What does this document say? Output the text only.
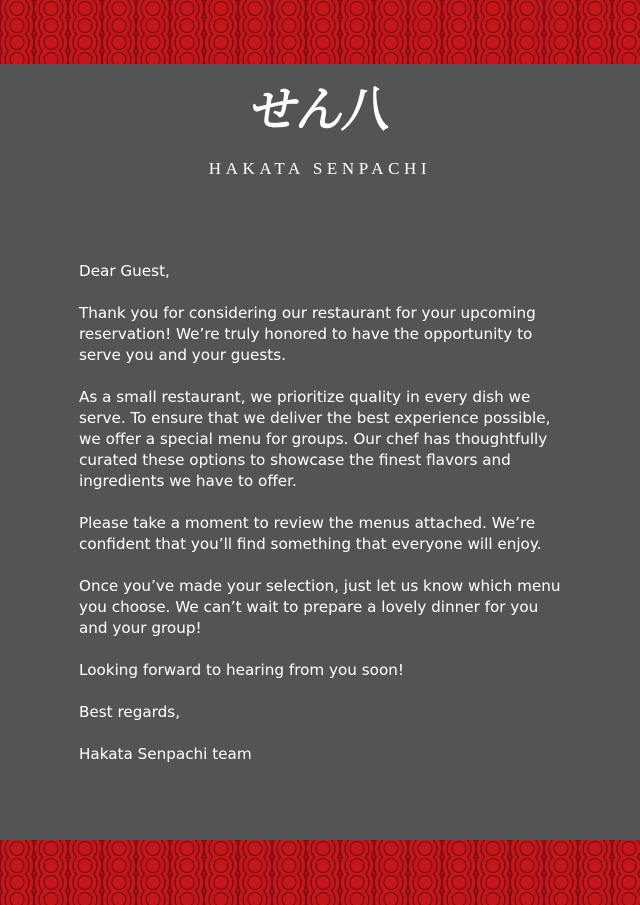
せん八
HAKATA SENPACHI

Dear Guest,

Thank you for considering our restaurant for your upcoming reservation! We’re truly honored to have the opportunity to serve you and your guests.

As a small restaurant, we prioritize quality in every dish we serve. To ensure that we deliver the best experience possible, we offer a special menu for groups. Our chef has thoughtfully curated these options to showcase the finest flavors and ingredients we have to offer.

Please take a moment to review the menus attached. We’re confident that you’ll find something that everyone will enjoy.

Once you’ve made your selection, just let us know which menu you choose. We can’t wait to prepare a lovely dinner for you and your group!

Looking forward to hearing from you soon!

Best regards,

Hakata Senpachi team
